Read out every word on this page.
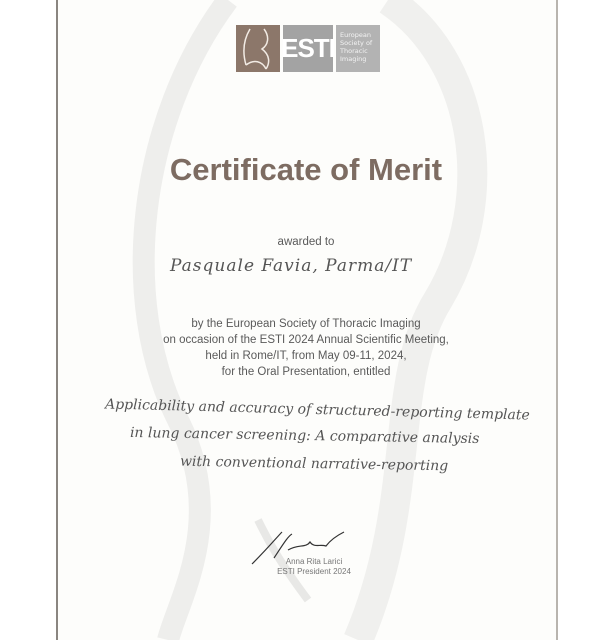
ESTI European
Society of
Thoracic
Imaging
Certificate of Merit
awarded to
Pasquale Favia, Parma/IT
by the European Society of Thoracic Imaging
on occasion of the ESTI 2024 Annual Scientific Meeting,
held in Rome/IT, from May 09-11, 2024,
for the Oral Presentation, entitled
Applicability and accuracy of structured-reporting template
in lung cancer screening: A comparative analysis
with conventional narrative-reporting
Anna Rita Larici
ESTI President 2024
